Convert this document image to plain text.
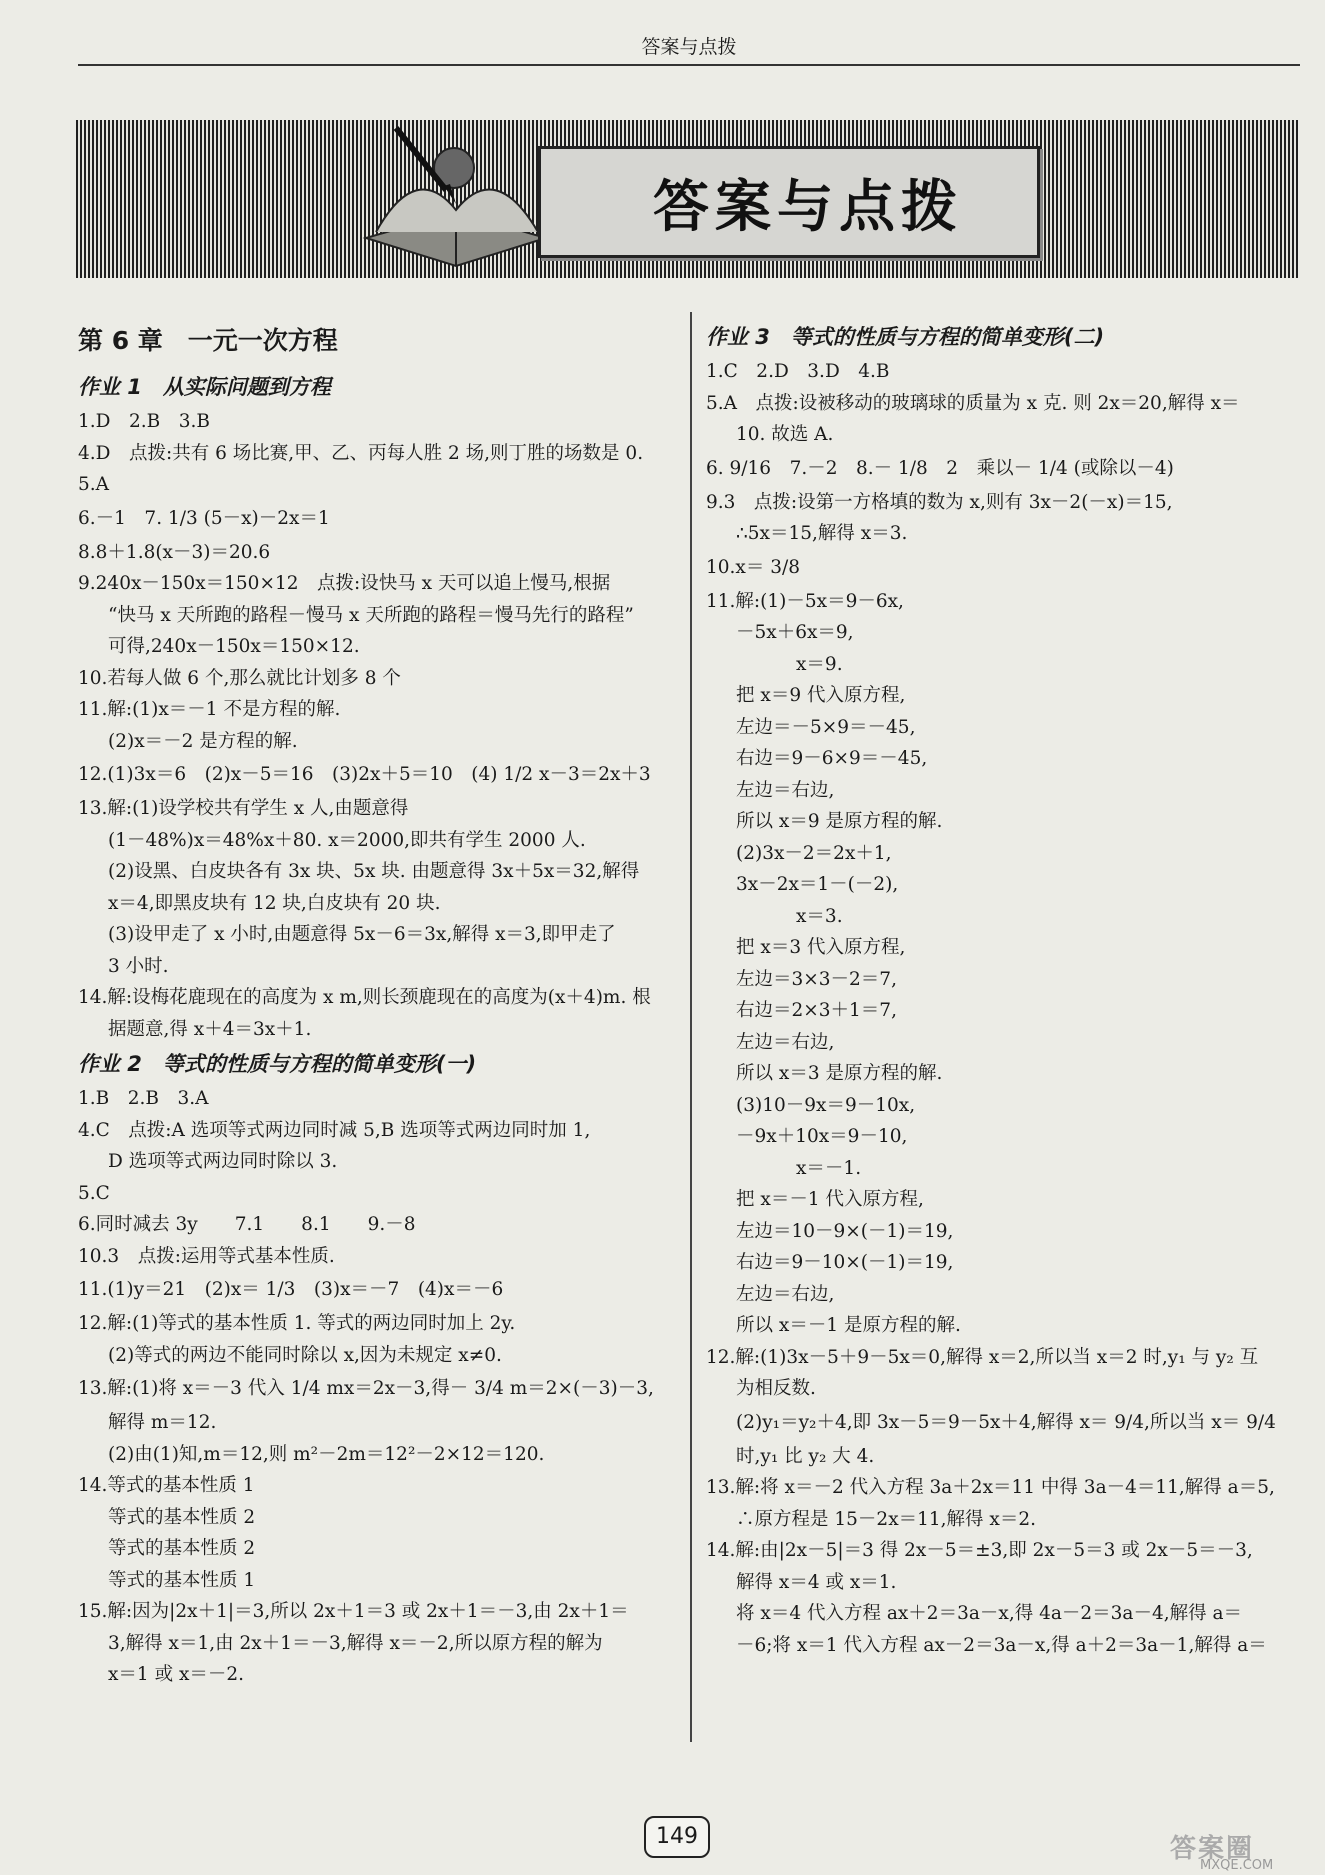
答案与点拨
答案与点拨
第 6 章　一元一次方程
作业 1　从实际问题到方程
1.D　2.B　3.B
4.D　点拨:共有 6 场比赛,甲、乙、丙每人胜 2 场,则丁胜的场数是 0.
5.A
6.－1　7. 1/3 (5－x)－2x＝1
8.8＋1.8(x－3)＝20.6
9.240x－150x＝150×12　点拨:设快马 x 天可以追上慢马,根据
“快马 x 天所跑的路程－慢马 x 天所跑的路程＝慢马先行的路程”
可得,240x－150x＝150×12.
10.若每人做 6 个,那么就比计划多 8 个
11.解:(1)x＝－1 不是方程的解.
(2)x＝－2 是方程的解.
12.(1)3x＝6　(2)x－5＝16　(3)2x＋5＝10　(4) 1/2 x－3＝2x＋3
13.解:(1)设学校共有学生 x 人,由题意得
(1－48%)x＝48%x＋80. x＝2000,即共有学生 2000 人.
(2)设黑、白皮块各有 3x 块、5x 块. 由题意得 3x＋5x＝32,解得
x＝4,即黑皮块有 12 块,白皮块有 20 块.
(3)设甲走了 x 小时,由题意得 5x－6＝3x,解得 x＝3,即甲走了
3 小时.
14.解:设梅花鹿现在的高度为 x m,则长颈鹿现在的高度为(x＋4)m. 根
据题意,得 x＋4＝3x＋1.
作业 2　等式的性质与方程的简单变形(一)
1.B　2.B　3.A
4.C　点拨:A 选项等式两边同时减 5,B 选项等式两边同时加 1,
D 选项等式两边同时除以 3.
5.C
6.同时减去 3y　　7.1　　8.1　　9.－8
10.3　点拨:运用等式基本性质.
11.(1)y＝21　(2)x＝ 1/3　(3)x＝－7　(4)x＝－6
12.解:(1)等式的基本性质 1. 等式的两边同时加上 2y.
(2)等式的两边不能同时除以 x,因为未规定 x≠0.
13.解:(1)将 x＝－3 代入 1/4 mx＝2x－3,得－ 3/4 m＝2×(－3)－3,
解得 m＝12.
(2)由(1)知,m＝12,则 m²－2m＝12²－2×12＝120.
14.等式的基本性质 1
等式的基本性质 2
等式的基本性质 2
等式的基本性质 1
15.解:因为|2x＋1|＝3,所以 2x＋1＝3 或 2x＋1＝－3,由 2x＋1＝
3,解得 x＝1,由 2x＋1＝－3,解得 x＝－2,所以原方程的解为
x＝1 或 x＝－2.
作业 3　等式的性质与方程的简单变形(二)
1.C　2.D　3.D　4.B
5.A　点拨:设被移动的玻璃球的质量为 x 克. 则 2x＝20,解得 x＝
10. 故选 A.
6. 9/16　7.－2　8.－ 1/8　2　乘以－ 1/4 (或除以－4)
9.3　点拨:设第一方格填的数为 x,则有 3x－2(－x)＝15,
∴5x＝15,解得 x＝3.
10.x＝ 3/8
11.解:(1)－5x＝9－6x,
－5x＋6x＝9,
x＝9.
把 x＝9 代入原方程,
左边＝－5×9＝－45,
右边＝9－6×9＝－45,
左边＝右边,
所以 x＝9 是原方程的解.
(2)3x－2＝2x＋1,
3x－2x＝1－(－2),
x＝3.
把 x＝3 代入原方程,
左边＝3×3－2＝7,
右边＝2×3＋1＝7,
左边＝右边,
所以 x＝3 是原方程的解.
(3)10－9x＝9－10x,
－9x＋10x＝9－10,
x＝－1.
把 x＝－1 代入原方程,
左边＝10－9×(－1)＝19,
右边＝9－10×(－1)＝19,
左边＝右边,
所以 x＝－1 是原方程的解.
12.解:(1)3x－5＋9－5x＝0,解得 x＝2,所以当 x＝2 时,y₁ 与 y₂ 互
为相反数.
(2)y₁＝y₂＋4,即 3x－5＝9－5x＋4,解得 x＝ 9/4,所以当 x＝ 9/4
时,y₁ 比 y₂ 大 4.
13.解:将 x＝－2 代入方程 3a＋2x＝11 中得 3a－4＝11,解得 a＝5,
∴原方程是 15－2x＝11,解得 x＝2.
14.解:由|2x－5|＝3 得 2x－5＝±3,即 2x－5＝3 或 2x－5＝－3,
解得 x＝4 或 x＝1.
将 x＝4 代入方程 ax＋2＝3a－x,得 4a－2＝3a－4,解得 a＝
－6;将 x＝1 代入方程 ax－2＝3a－x,得 a＋2＝3a－1,解得 a＝
149	答案圈
MXQE.COM
